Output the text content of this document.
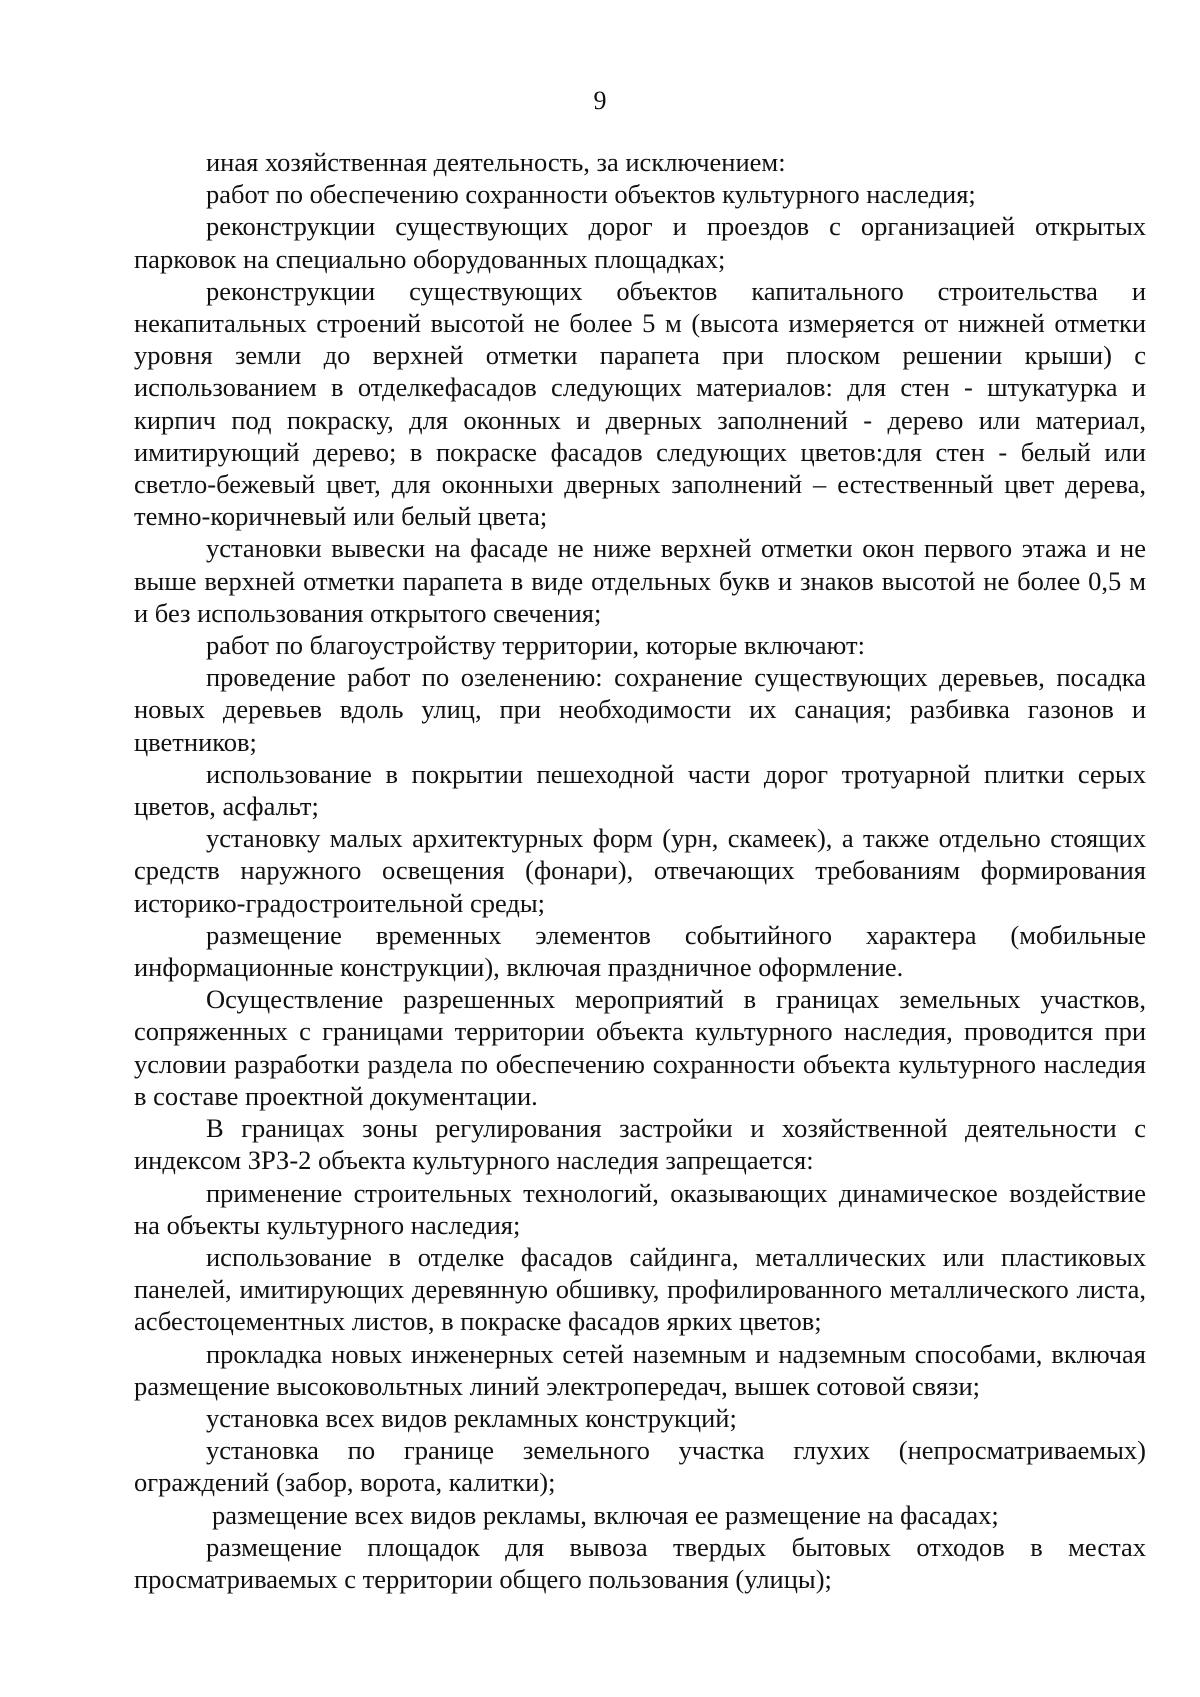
9

иная хозяйственная деятельность, за исключением:

работ по обеспечению сохранности объектов культурного наследия;

реконструкции существующих дорог и проездов с организацией открытых парковок на специально оборудованных площадках;

реконструкции существующих объектов капитального строительства и некапитальных строений высотой не более 5 м (высота измеряется от нижней отметки уровня земли до верхней отметки парапета при плоском решении крыши) с использованием в отделкефасадов следующих материалов: для стен - штукатурка и кирпич под покраску, для оконных и дверных заполнений - дерево или материал, имитирующий дерево; в покраске фасадов следующих цветов:для стен - белый или светло-бежевый цвет, для оконныхи дверных заполнений – естественный цвет дерева, темно-коричневый или белый цвета;

установки вывески на фасаде не ниже верхней отметки окон первого этажа и не выше верхней отметки парапета в виде отдельных букв и знаков высотой не более 0,5 м и без использования открытого свечения;

работ по благоустройству территории, которые включают:

проведение работ по озеленению: сохранение существующих деревьев, посадка новых деревьев вдоль улиц, при необходимости их санация; разбивка газонов и цветников;

использование в покрытии пешеходной части дорог тротуарной плитки серых цветов, асфальт;

установку малых архитектурных форм (урн, скамеек), а также отдельно стоящих средств наружного освещения (фонари), отвечающих требованиям формирования историко-градостроительной среды;

размещение временных элементов событийного характера (мобильные информационные конструкции), включая праздничное оформление.

Осуществление разрешенных мероприятий в границах земельных участков, сопряженных с границами территории объекта культурного наследия, проводится при условии разработки раздела по обеспечению сохранности объекта культурного наследия в составе проектной документации.

В границах зоны регулирования застройки и хозяйственной деятельности с индексом ЗРЗ-2 объекта культурного наследия запрещается:

применение строительных технологий, оказывающих динамическое воздействие на объекты культурного наследия;

использование в отделке фасадов сайдинга, металлических или пластиковых панелей, имитирующих деревянную обшивку, профилированного металлического листа, асбестоцементных листов, в покраске фасадов ярких цветов;

прокладка новых инженерных сетей наземным и надземным способами, включая размещение высоковольтных линий электропередач, вышек сотовой связи;

установка всех видов рекламных конструкций;

установка по границе земельного участка глухих (непросматриваемых) ограждений (забор, ворота, калитки);

размещение всех видов рекламы, включая ее размещение на фасадах;

размещение площадок для вывоза твердых бытовых отходов в местах просматриваемых с территории общего пользования (улицы);
